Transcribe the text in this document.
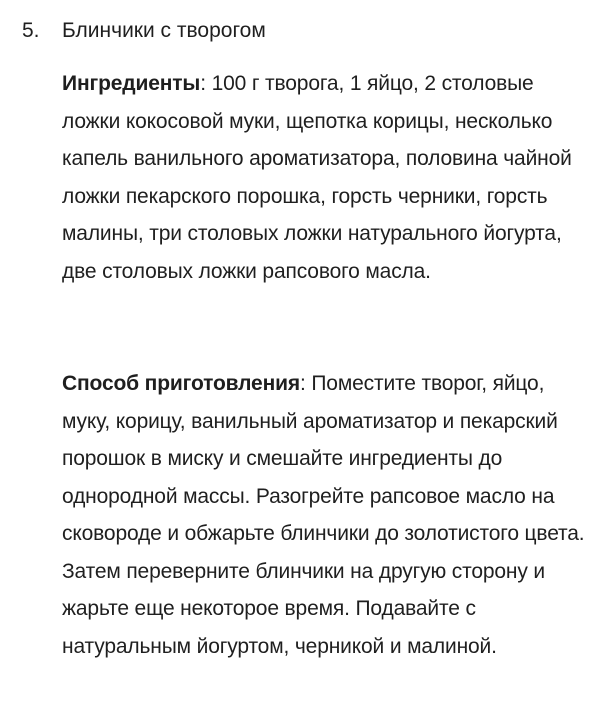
5.	Блинчики с творогом

Ингредиенты: 100 г творога, 1 яйцо, 2 столовые ложки кокосовой муки, щепотка корицы, несколько капель ванильного ароматизатора, половина чайной ложки пекарского порошка, горсть черники, горсть малины, три столовых ложки натурального йогурта, две столовых ложки рапсового масла.

Способ приготовления: Поместите творог, яйцо, муку, корицу, ванильный ароматизатор и пекарский порошок в миску и смешайте ингредиенты до однородной массы. Разогрейте рапсовое масло на сковороде и обжарьте блинчики до золотистого цвета. Затем переверните блинчики на другую сторону и жарьте еще некоторое время. Подавайте с натуральным йогуртом, черникой и малиной.
